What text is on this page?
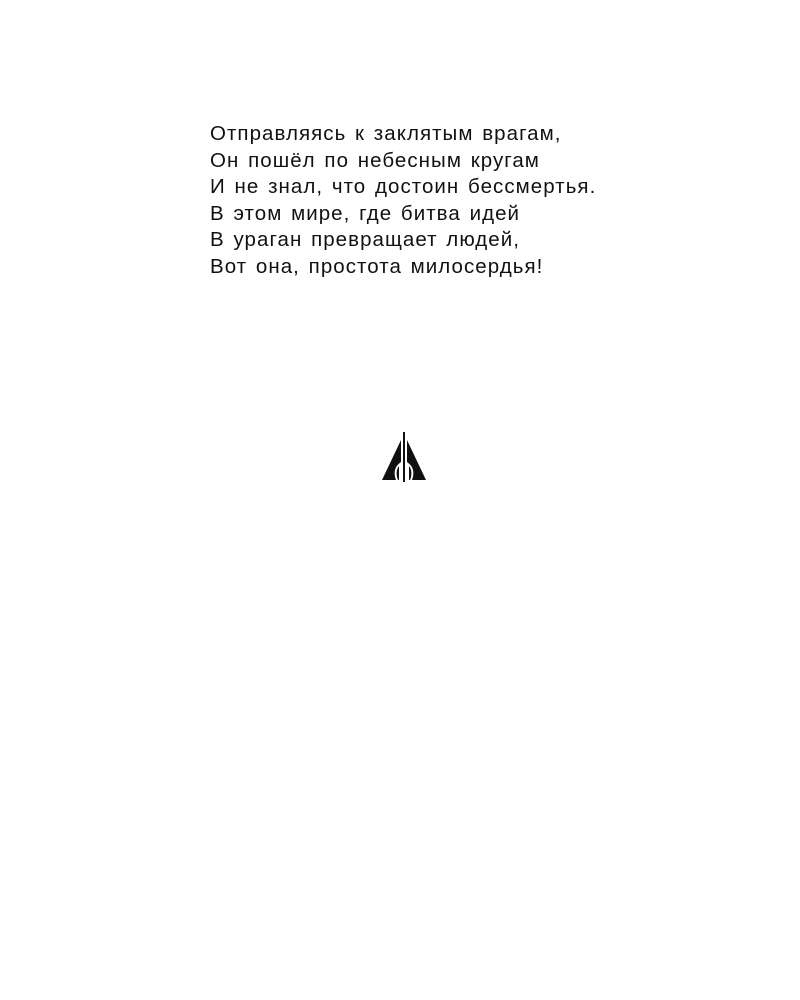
Отправляясь к заклятым врагам,
Он пошёл по небесным кругам
И не знал, что достоин бессмертья.
В этом мире, где битва идей
В ураган превращает людей,
Вот она, простота милосердья!
